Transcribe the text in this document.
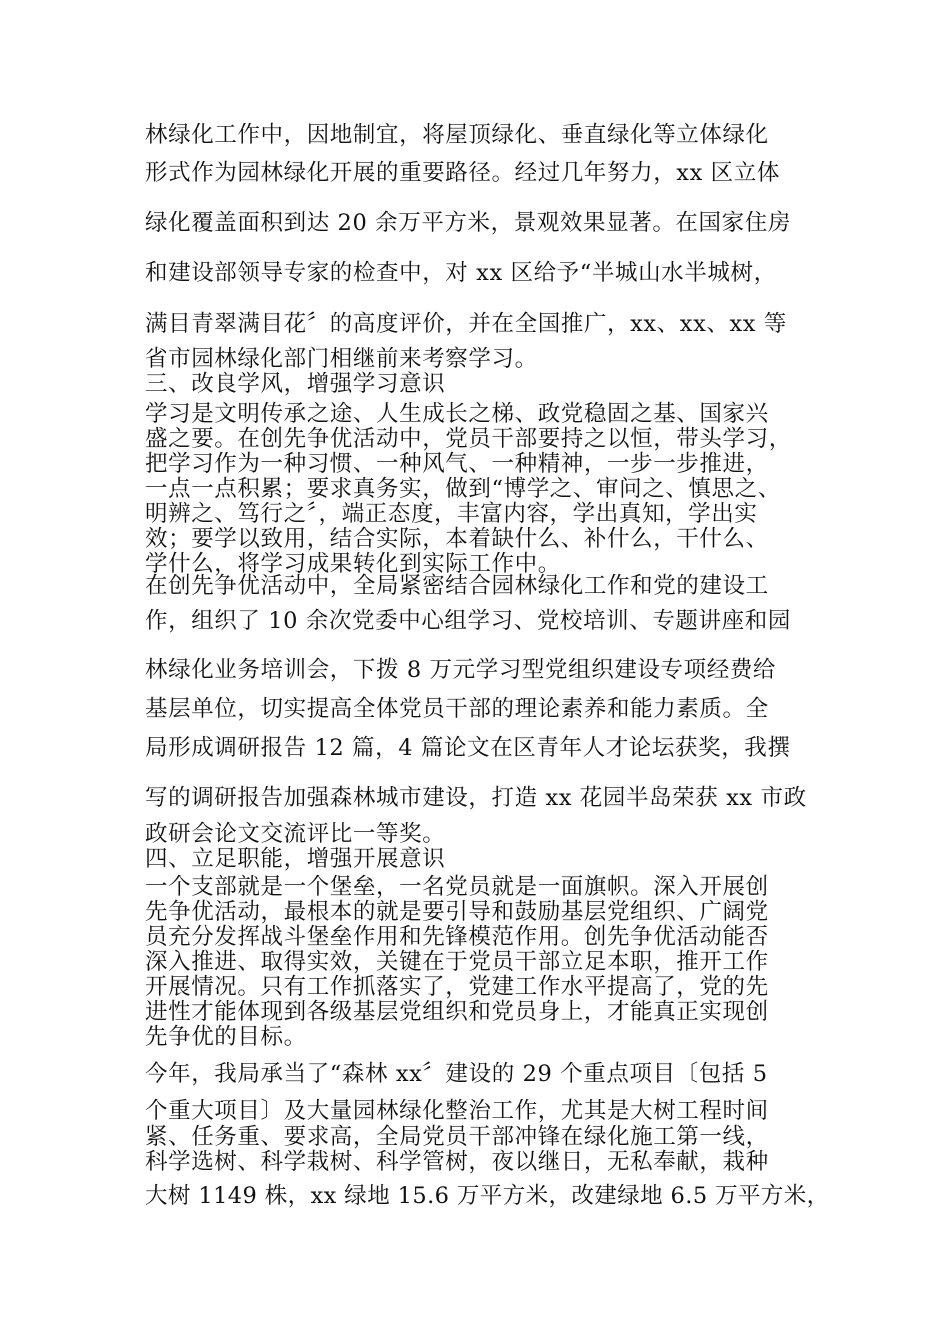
林绿化工作中，因地制宜，将屋顶绿化、垂直绿化等立体绿化
形式作为园林绿化开展的重要路径。经过几年努力，xx 区立体
绿化覆盖面积到达 20 余万平方米，景观效果显著。在国家住房
和建设部领导专家的检查中，对 xx 区给予“半城山水半城树，
满目青翠满目花〞的高度评价，并在全国推广，xx、xx、xx 等
省市园林绿化部门相继前来考察学习。
三、改良学风，增强学习意识
学习是文明传承之途、人生成长之梯、政党稳固之基、国家兴
盛之要。在创先争优活动中，党员干部要持之以恒，带头学习，
把学习作为一种习惯、一种风气、一种精神，一步一步推进，
一点一点积累；要求真务实，做到“博学之、审问之、慎思之、
明辨之、笃行之〞，端正态度，丰富内容，学出真知，学出实
效；要学以致用，结合实际，本着缺什么、补什么，干什么、
学什么，将学习成果转化到实际工作中。
在创先争优活动中，全局紧密结合园林绿化工作和党的建设工
作，组织了 10 余次党委中心组学习、党校培训、专题讲座和园
林绿化业务培训会，下拨 8 万元学习型党组织建设专项经费给
基层单位，切实提高全体党员干部的理论素养和能力素质。全
局形成调研报告 12 篇，4 篇论文在区青年人才论坛获奖，我撰
写的调研报告加强森林城市建设，打造 xx 花园半岛荣获 xx 市政
政研会论文交流评比一等奖。
四、立足职能，增强开展意识
一个支部就是一个堡垒，一名党员就是一面旗帜。深入开展创
先争优活动，最根本的就是要引导和鼓励基层党组织、广阔党
员充分发挥战斗堡垒作用和先锋模范作用。创先争优活动能否
深入推进、取得实效，关键在于党员干部立足本职，推开工作
开展情况。只有工作抓落实了，党建工作水平提高了，党的先
进性才能体现到各级基层党组织和党员身上，才能真正实现创
先争优的目标。
今年，我局承当了“森林 xx〞建设的 29 个重点项目〔包括 5
个重大项目〕及大量园林绿化整治工作，尤其是大树工程时间
紧、任务重、要求高，全局党员干部冲锋在绿化施工第一线，
科学选树、科学栽树、科学管树，夜以继日，无私奉献，栽种
大树 1149 株，xx 绿地 15.6 万平方米，改建绿地 6.5 万平方米，
